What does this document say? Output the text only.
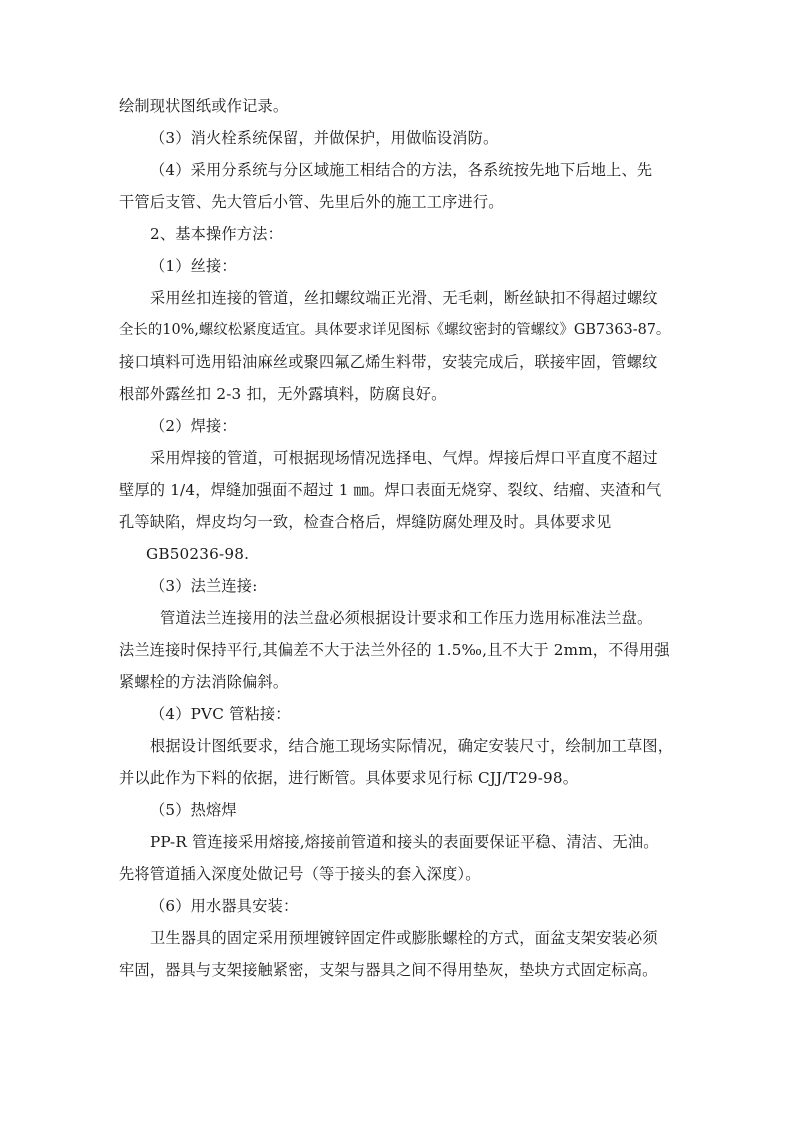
绘制现状图纸或作记录。
（3）消火栓系统保留，并做保护，用做临设消防。
（4）采用分系统与分区域施工相结合的方法，各系统按先地下后地上、先
干管后支管、先大管后小管、先里后外的施工工序进行。
2、基本操作方法：
（1）丝接：
采用丝扣连接的管道，丝扣螺纹端正光滑、无毛刺，断丝缺扣不得超过螺纹
全长的10%,螺纹松紧度适宜。具体要求详见图标《螺纹密封的管螺纹》GB7363-87。
接口填料可选用铅油麻丝或聚四氟乙烯生料带，安装完成后，联接牢固，管螺纹
根部外露丝扣 2-3 扣，无外露填料，防腐良好。
（2）焊接：
采用焊接的管道，可根据现场情况选择电、气焊。焊接后焊口平直度不超过
壁厚的 1/4，焊缝加强面不超过 1 ㎜。焊口表面无烧穿、裂纹、结瘤、夹渣和气
孔等缺陷，焊皮均匀一致，检查合格后，焊缝防腐处理及时。具体要求见
GB50236-98.
（3）法兰连接:
管道法兰连接用的法兰盘必须根据设计要求和工作压力选用标准法兰盘。
法兰连接时保持平行,其偏差不大于法兰外径的 1.5‰,且不大于 2mm，不得用强
紧螺栓的方法消除偏斜。
（4）PVC 管粘接：
根据设计图纸要求，结合施工现场实际情况，确定安装尺寸，绘制加工草图，
并以此作为下料的依据，进行断管。具体要求见行标 CJJ/T29-98。
（5）热熔焊
PP-R 管连接采用熔接,熔接前管道和接头的表面要保证平稳、清洁、无油。
先将管道插入深度处做记号（等于接头的套入深度）。
（6）用水器具安装：
卫生器具的固定采用预埋镀锌固定件或膨胀螺栓的方式，面盆支架安装必须
牢固，器具与支架接触紧密，支架与器具之间不得用垫灰，垫块方式固定标高。
